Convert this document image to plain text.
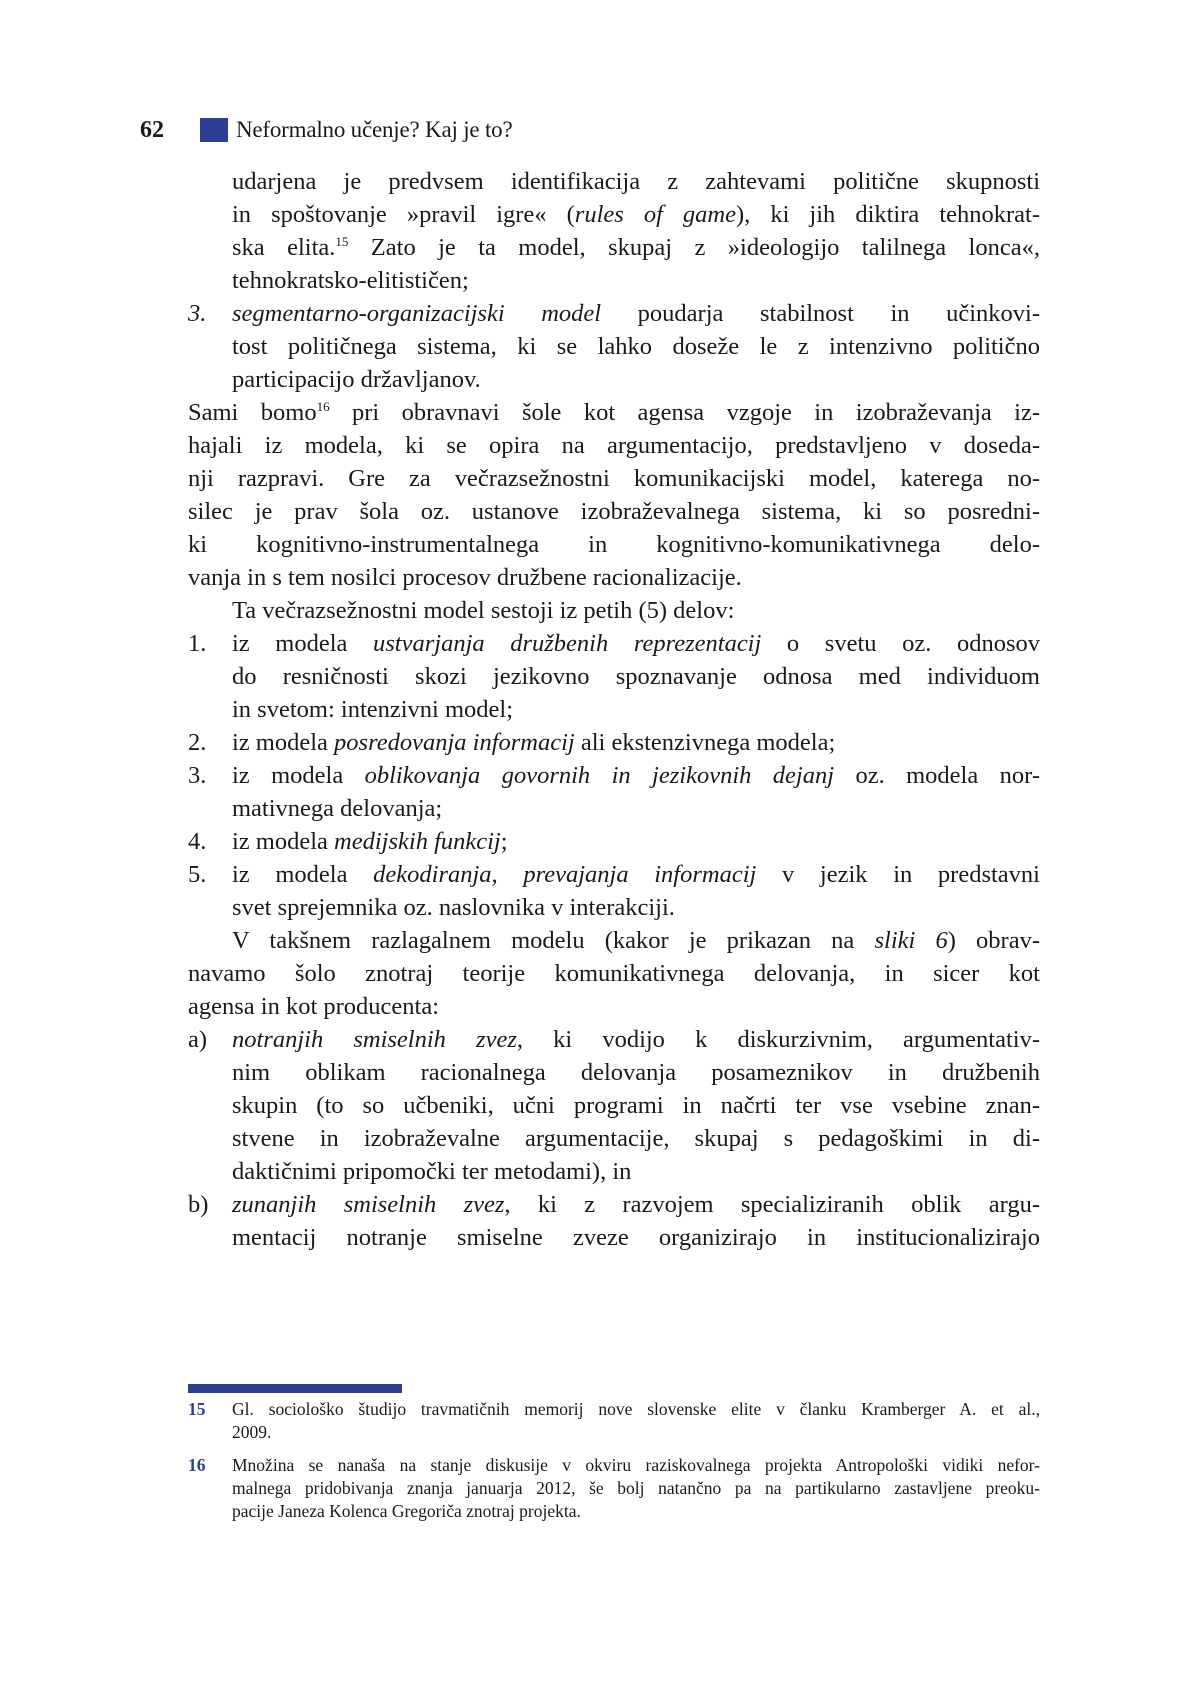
62	Neformalno učenje? Kaj je to?
udarjena je predvsem identifikacija z zahtevami politične skupnosti
in spoštovanje »pravil igre« (rules of game), ki jih diktira tehnokrat-
ska elita.$^{15}$ Zato je ta model, skupaj z »ideologijo talilnega lonca«,
tehnokratsko-elitističen;
3.	segmentarno-organizacijski model poudarja stabilnost in učinkovi-
tost političnega sistema, ki se lahko doseže le z intenzivno politično
participacijo državljanov.
Sami bomo$^{16}$ pri obravnavi šole kot agensa vzgoje in izobraževanja iz-
hajali iz modela, ki se opira na argumentacijo, predstavljeno v doseda-
nji razpravi. Gre za večrazsežnostni komunikacijski model, katerega no-
silec je prav šola oz. ustanove izobraževalnega sistema, ki so posredni-
ki kognitivno-instrumentalnega in kognitivno-komunikativnega delo-
vanja in s tem nosilci procesov družbene racionalizacije.
Ta večrazsežnostni model sestoji iz petih (5) delov:
1.	iz modela ustvarjanja družbenih reprezentacij o svetu oz. odnosov
do resničnosti skozi jezikovno spoznavanje odnosa med individuom
in svetom: intenzivni model;
2.	iz modela posredovanja informacij ali ekstenzivnega modela;
3.	iz modela oblikovanja govornih in jezikovnih dejanj oz. modela nor-
mativnega delovanja;
4.	iz modela medijskih funkcij;
5.	iz modela dekodiranja, prevajanja informacij v jezik in predstavni
svet sprejemnika oz. naslovnika v interakciji.
V takšnem razlagalnem modelu (kakor je prikazan na sliki 6) obrav-
navamo šolo znotraj teorije komunikativnega delovanja, in sicer kot
agensa in kot producenta:
a)	notranjih smiselnih zvez, ki vodijo k diskurzivnim, argumentativ-
nim oblikam racionalnega delovanja posameznikov in družbenih
skupin (to so učbeniki, učni programi in načrti ter vse vsebine znan-
stvene in izobraževalne argumentacije, skupaj s pedagoškimi in di-
daktičnimi pripomočki ter metodami), in
b) zunanjih smiselnih zvez, ki z razvojem specializiranih oblik argu-
mentacij notranje smiselne zveze organizirajo in institucionalizirajo
15	Gl. sociološko študijo travmatičnih memorij nove slovenske elite v članku Kramberger A. et al.,
2009.
16	Množina se nanaša na stanje diskusije v okviru raziskovalnega projekta Antropološki vidiki nefor-
malnega pridobivanja znanja januarja 2012, še bolj natančno pa na partikularno zastavljene preoku-
pacije Janeza Kolenca Gregoriča znotraj projekta.
